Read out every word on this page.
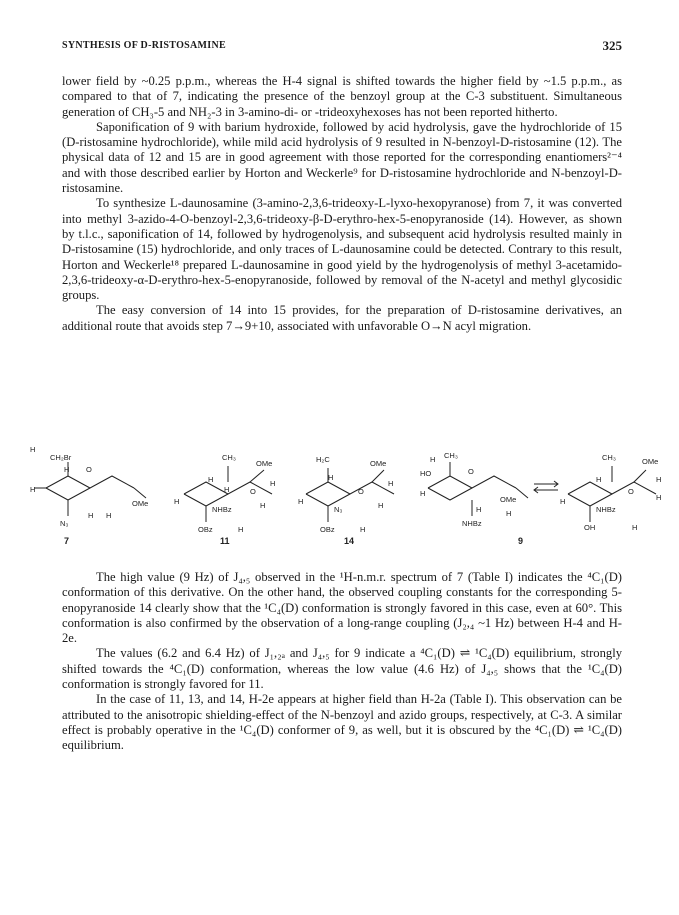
SYNTHESIS OF D-RISTOSAMINE	325

lower field by ~0.25 p.p.m., whereas the H-4 signal is shifted towards the higher field by ~1.5 p.p.m., as compared to that of 7, indicating the presence of the benzoyl group at the C-3 substituent. Simultaneous generation of CH₃-5 and NH₂-3 in 3-amino-di- or -trideoxyhexoses has not been reported hitherto.

Saponification of 9 with barium hydroxide, followed by acid hydrolysis, gave the hydrochloride of 15 (D-ristosamine hydrochloride), while mild acid hydrolysis of 9 resulted in N-benzoyl-D-ristosamine (12). The physical data of 12 and 15 are in good agreement with those reported for the corresponding enantiomers²⁻⁴ and with those described earlier by Horton and Weckerle⁹ for D-ristosamine hydrochloride and N-benzoyl-D-ristosamine.

To synthesize L-daunosamine (3-amino-2,3,6-trideoxy-L-lyxo-hexopyranose) from 7, it was converted into methyl 3-azido-4-O-benzoyl-2,3,6-trideoxy-β-D-erythro-hex-5-enopyranoside (14). However, as shown by t.l.c., saponification of 14, followed by hydrogenolysis, and subsequent acid hydrolysis resulted mainly in D-ristosamine (15) hydrochloride, and only traces of L-daunosamine could be detected. Contrary to this result, Horton and Weckerle¹⁸ prepared L-daunosamine in good yield by the hydrogenolysis of methyl 3-acetamido-2,3,6-trideoxy-α-D-erythro-hex-5-enopyranoside, followed by removal of the N-acetyl and methyl glycosidic groups.

The easy conversion of 14 into 15 provides, for the preparation of D-ristosamine derivatives, an additional route that avoids step 7→9+10, associated with unfavorable O→N acyl migration.

H
CH₂Br
O
H
H
OMe
N₃
H H
7
CH₃
OMe
H
H	O
H
H
NHBz	H
OBz	H
11
H₂C	OMe
H
O
H
H
N₃	H
OBz	H
14
H CH₃
HO	O
H
OMe
H
NHBz
H
9
CH₃	OMe
H	H
O
H
H
NHBz
OH	H

The high value (9 Hz) of J₄,₅ observed in the ¹H-n.m.r. spectrum of 7 (Table I) indicates the ⁴C₁(D) conformation of this derivative. On the other hand, the observed coupling constants for the corresponding 5-enopyranoside 14 clearly show that the ¹C₄(D) conformation is strongly favored in this case, even at 60°. This conformation is also confirmed by the observation of a long-range coupling (J₂,₄ ~1 Hz) between H-4 and H-2e.

The values (6.2 and 6.4 Hz) of J₁,₂ₐ and J₄,₅ for 9 indicate a ⁴C₁(D) ⇌ ¹C₄(D) equilibrium, strongly shifted towards the ⁴C₁(D) conformation, whereas the low value (4.6 Hz) of J₄,₅ shows that the ¹C₄(D) conformation is strongly favored for 11.

In the case of 11, 13, and 14, H-2e appears at higher field than H-2a (Table I). This observation can be attributed to the anisotropic shielding-effect of the N-benzoyl and azido groups, respectively, at C-3. A similar effect is probably operative in the ¹C₄(D) conformer of 9, as well, but it is obscured by the ⁴C₁(D) ⇌ ¹C₄(D) equilibrium.
